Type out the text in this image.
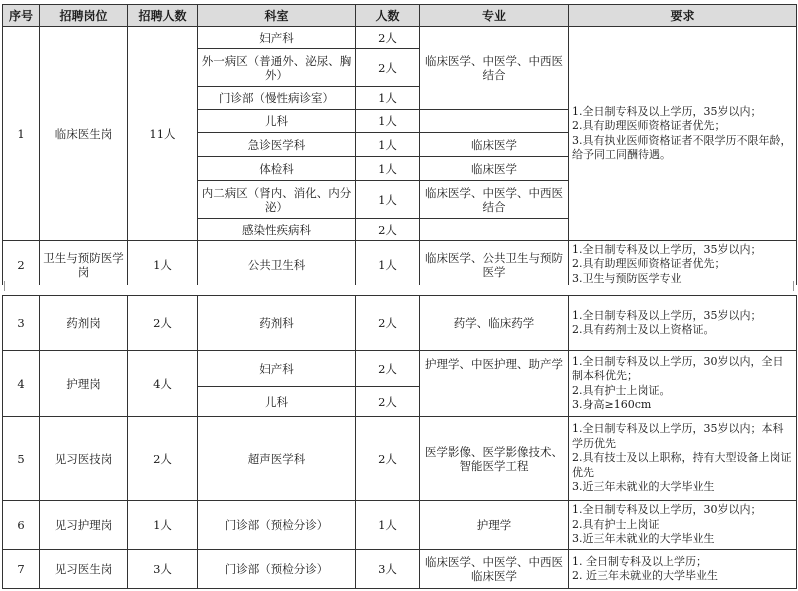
序号	招聘岗位	招聘人数	科室	人数	专业	要求
1	临床医生岗	11人	妇产科	2人	临床医学、中医学、中西医结合	1.全日制专科及以上学历，35岁以内；
2.具有助理医师资格证者优先；
3.具有执业医师资格证者不限学历不限年龄，给予同工同酬待遇。

			外一病区（普通外、泌尿、胸外）	2人		
			门诊部（慢性病诊室）	1人		
			儿科	1人		
			急诊医学科	1人	临床医学	
			体检科	1人	临床医学	
			内二病区（肾内、消化、内分泌）	1人	临床医学、中医学、中西医结合	
			感染性疾病科	2人		
2	卫生与预防医学岗	1人	公共卫生科	1人	临床医学、公共卫生与预防医学	1.全日制专科及以上学历，35岁以内；
2.具有助理医师资格证者优先；
3.卫生与预防医学专业
3	药剂岗	2人	药剂科	2人	药学、临床药学	1.全日制专科及以上学历，35岁以内；
2.具有药剂士及以上资格证。

4	护理岗	4人	妇产科	2人	护理学、中医护理、助产学	1.全日制专科及以上学历，30岁以内，全日制本科优先；
2.具有护士上岗证。
3.身高≥160cm

			儿科	2人		
5	见习医技岗	2人	超声医学科	2人	医学影像、医学影像技术、智能医学工程	1.全日制专科及以上学历，35岁以内；本科学历优先
2.具有技士及以上职称，持有大型设备上岗证优先
3.近三年未就业的大学毕业生

6	见习护理岗	1人	门诊部（预检分诊）	1人	护理学	1.全日制专科及以上学历，30岁以内；
2.具有护士上岗证
3.近三年未就业的大学毕业生

7	见习医生岗	3人	门诊部（预检分诊）	3人	临床医学、中医学、中西医临床医学	1. 全日制专科及以上学历；
2. 近三年未就业的大学毕业生
